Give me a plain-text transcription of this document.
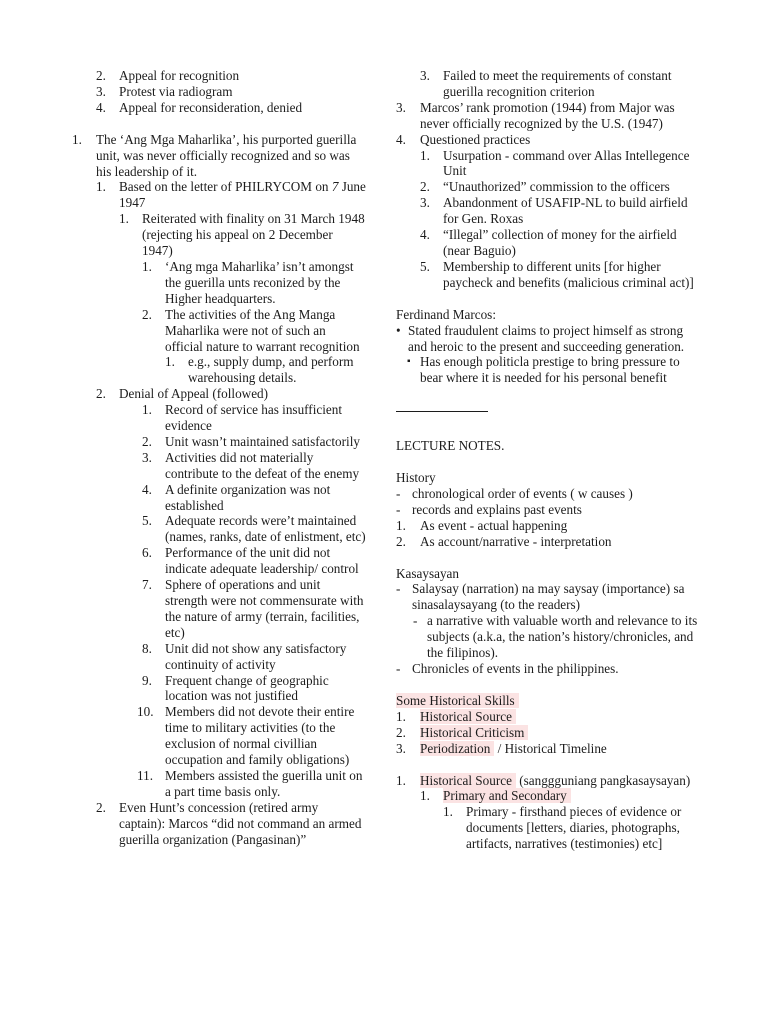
2. Appeal for recognition
3. Protest via radiogram
4. Appeal for reconsideration, denied
1. The ‘Ang Mga Maharlika’, his purported guerilla unit, was never officially recognized and so was his leadership of it.
1. Based on the letter of PHILRYCOM on 7 June 1947
1. Reiterated with finality on 31 March 1948 (rejecting his appeal on 2 December 1947)
1. ‘Ang mga Maharlika’ isn’t amongst the guerilla unts reconized by the Higher headquarters.
2. The activities of the Ang Manga Maharlika were not of such an official nature to warrant recognition
1. e.g., supply dump, and perform warehousing details.
2. Denial of Appeal (followed)
1. Record of service has insufficient evidence
2. Unit wasn’t maintained satisfactorily
3. Activities did not materially contribute to the defeat of the enemy
4. A definite organization was not established
5. Adequate records were’t maintained (names, ranks, date of enlistment, etc)
6. Performance of the unit did not indicate adequate leadership/ control
7. Sphere of operations and unit strength were not commensurate with the nature of army (terrain, facilities, etc)
8. Unit did not show any satisfactory continuity of activity
9. Frequent change of geographic location was not justified
10. Members did not devote their entire time to military activities (to the exclusion of normal civillian occupation and family obligations)
11. Members assisted the guerilla unit on a part time basis only.
2. Even Hunt’s concession (retired army captain): Marcos “did not command an armed guerilla organization (Pangasinan)”
3. Failed to meet the requirements of constant guerilla recognition criterion
3. Marcos’ rank promotion (1944) from Major was never officially recognized by the U.S. (1947)
4. Questioned practices
1. Usurpation - command over Allas Intellegence Unit
2. “Unauthorized” commission to the officers
3. Abandonment of USAFIP-NL to build airfield for Gen. Roxas
4. “Illegal” collection of money for the airfield (near Baguio)
5. Membership to different units [for higher paycheck and benefits (malicious criminal act)]

Ferdinand Marcos:

• Stated fraudulent claims to project himself as strong and heroic to the present and succeeding generation.
▪ Has enough politicla prestige to bring pressure to bear where it is needed for his personal benefit

LECTURE NOTES.

History

- chronological order of events ( w causes )
- records and explains past events
1. As event - actual happening
2. As account/narrative - interpretation

Kasaysayan

- Salaysay (narration) na may saysay (importance) sa sinasalaysayang (to the readers)
- a narrative with valuable worth and relevance to its subjects (a.k.a, the nation’s history/chronicles, and the filipinos).
- Chronicles of events in the philippines.

Some Historical Skills

1. Historical Source
2. Historical Criticism
3. Periodization / Historical Timeline
1. Historical Source (sanggguniang pangkasaysayan)
1. Primary and Secondary
1. Primary - firsthand pieces of evidence or documents [letters, diaries, photographs, artifacts, narratives (testimonies) etc]
